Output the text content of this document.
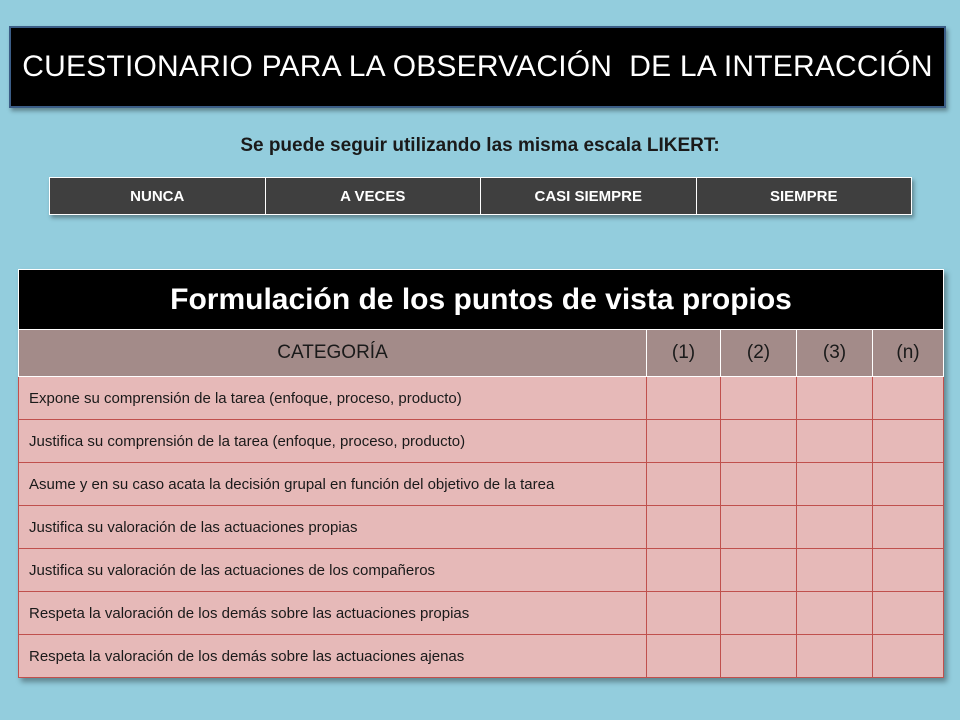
CUESTIONARIO PARA LA OBSERVACIÓN  DE LA INTERACCIÓN
Se puede seguir utilizando las misma escala LIKERT:
NUNCA	A VECES	CASI SIEMPRE	SIEMPRE
Formulación de los puntos de vista propios				
CATEGORÍA	(1)	(2)	(3)	(n)
Expone su comprensión de la tarea (enfoque, proceso, producto)				
Justifica su comprensión de la tarea (enfoque, proceso, producto)				
Asume y en su caso acata la decisión grupal en función del objetivo de la tarea				
Justifica su valoración de las actuaciones propias				
Justifica su valoración de las actuaciones de los compañeros				
Respeta la valoración de los demás sobre las actuaciones propias				
Respeta la valoración de los demás sobre las actuaciones ajenas				
